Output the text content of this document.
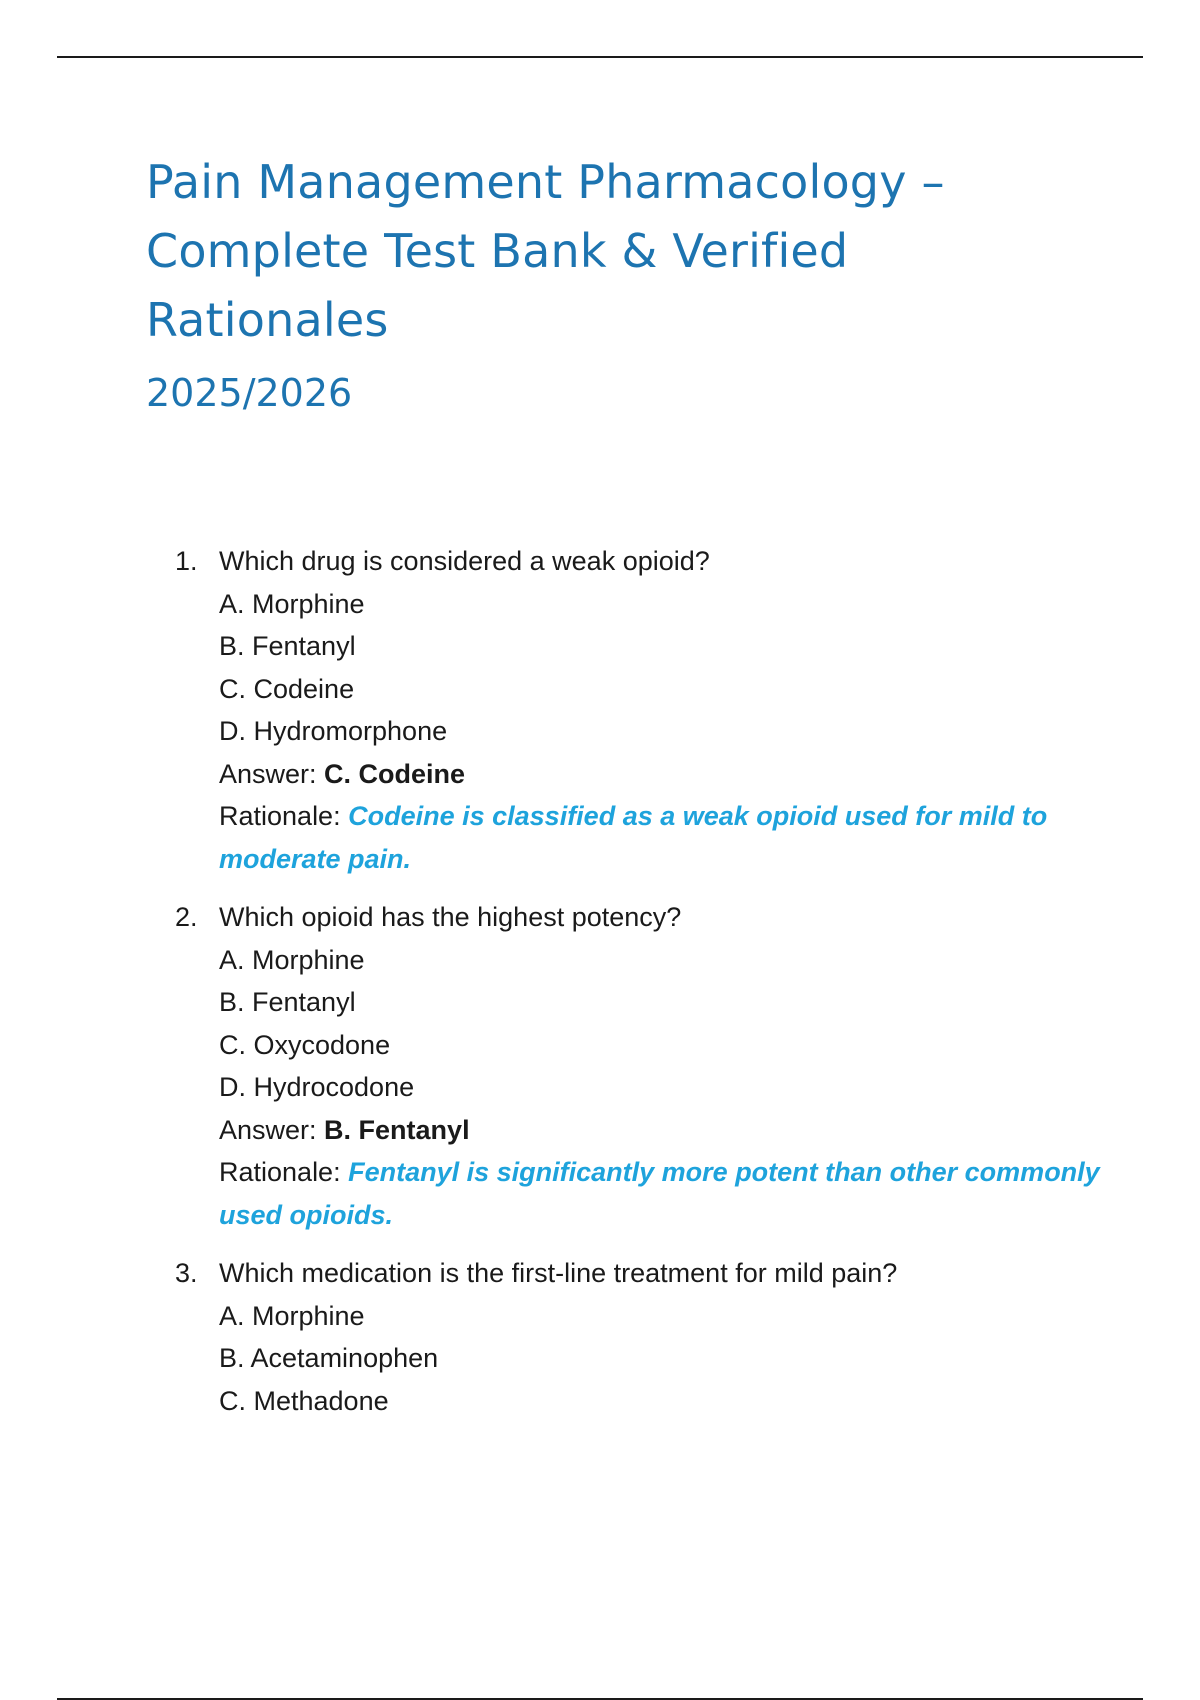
Pain Management Pharmacology – Complete Test Bank & Verified Rationales
2025/2026
1. Which drug is considered a weak opioid?
A. Morphine
B. Fentanyl
C. Codeine
D. Hydromorphone
Answer: C. Codeine
Rationale: Codeine is classified as a weak opioid used for mild to moderate pain.
2. Which opioid has the highest potency?
A. Morphine
B. Fentanyl
C. Oxycodone
D. Hydrocodone
Answer: B. Fentanyl
Rationale: Fentanyl is significantly more potent than other commonly used opioids.
3. Which medication is the first-line treatment for mild pain?
A. Morphine
B. Acetaminophen
C. Methadone
